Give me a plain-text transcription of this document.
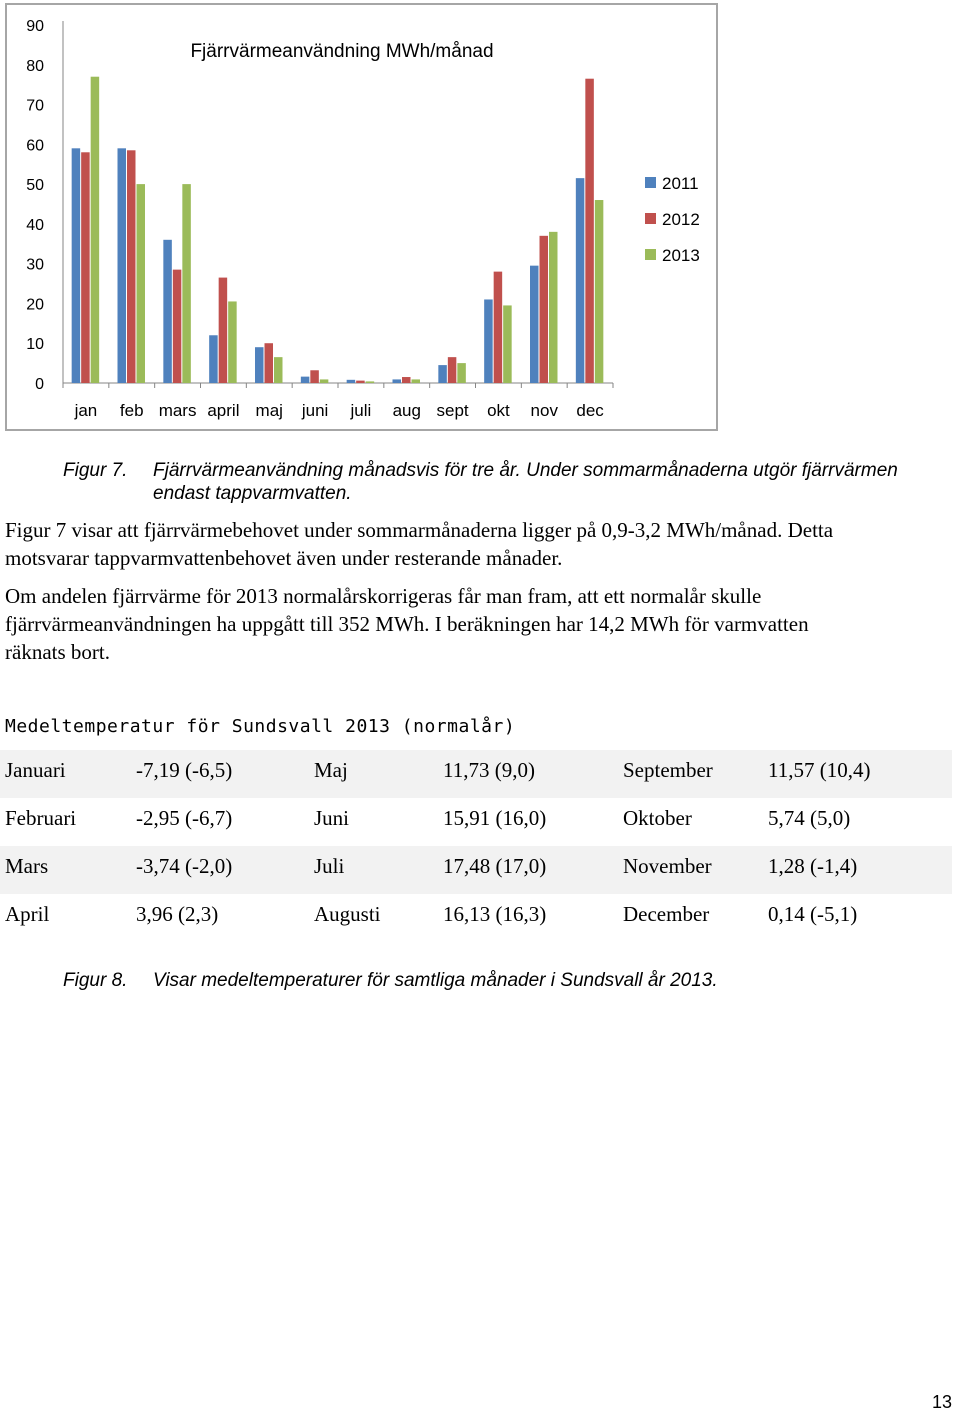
Fjärrvärmeanvändning MWh/månad
0
10
20
30
40
50
60
70
80
90
jan feb mars april maj juni juli aug sept okt nov dec
2011
2012
2013
Figur 7. Fjärrvärmeanvändning månadsvis för tre år. Under sommarmånaderna utgör fjärrvärmen
endast tappvarmvatten.
Figur 7 visar att fjärrvärmebehovet under sommarmånaderna ligger på 0,9-3,2 MWh/månad. Detta
motsvarar tappvarmvattenbehovet även under resterande månader.
Om andelen fjärrvärme för 2013 normalårskorrigeras får man fram, att ett normalår skulle
fjärrvärmeanvändningen ha uppgått till 352 MWh. I beräkningen har 14,2 MWh för varmvatten
räknats bort.
Medeltemperatur för Sundsvall 2013 (normalår)
Januari	-7,19 (-6,5)	Maj	11,73 (9,0)	September	11,57 (10,4)
Februari	-2,95 (-6,7)	Juni	15,91 (16,0)	Oktober	5,74 (5,0)
Mars	-3,74 (-2,0)	Juli	17,48 (17,0)	November	1,28 (-1,4)
April	3,96 (2,3)	Augusti	16,13 (16,3)	December	0,14 (-5,1)
Figur 8. Visar medeltemperaturer för samtliga månader i Sundsvall år 2013.
13
